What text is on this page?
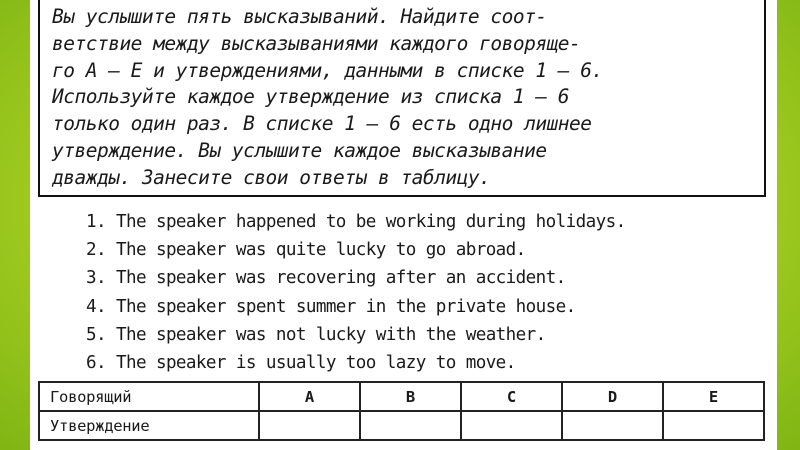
Вы услышите пять высказываний. Найдите соот-
ветствие между высказываниями каждого говоряще-
го А — Е и утверждениями, данными в списке 1 — 6.
Используйте каждое утверждение из списка 1 — 6
только один раз. В списке 1 — 6 есть одно лишнее
утверждение. Вы услышите каждое высказывание
дважды. Занесите свои ответы в таблицу.
1. The speaker happened to be working during holidays.
2. The speaker was quite lucky to go abroad.
3. The speaker was recovering after an accident.
4. The speaker spent summer in the private house.
5. The speaker was not lucky with the weather.
6. The speaker is usually too lazy to move.
Говорящий	A	B	C	D	E
Утверждение					
